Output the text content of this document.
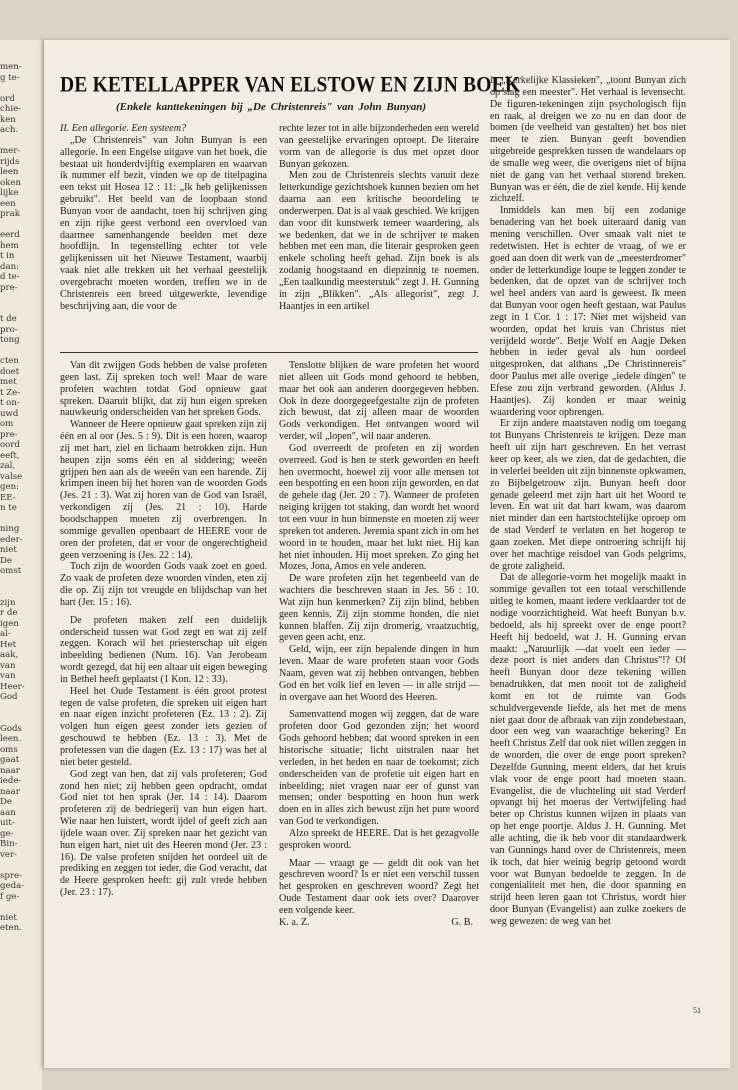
men-
g te-

ord
chie-
ken
ach.

mer-
rijds
leen
oken
lijke
een
prak

eerd
hem
t in
dan:
d te-
pre-

t de
pro-
tong

cten
doet
met
t Ze-
t on-
uwd
om
pre-
oord
eeft,
zal,
valse
gen:
EE-
n te

ning
eder-
niet
De
omst

zijn
r de
igen
al-
Het
aak,
van
van
Heer-
God

Gods
leen.
oms
gaat
naar
iede-
naar
De
aan
uit-
ge-
Bin-
ver-

spre-
geda-
f ge-

niet
eten.
DE KETELLAPPER VAN ELSTOW EN ZIJN BOEK
(Enkele kanttekeningen bij „De Christenreis" van John Bunyan)
II. Een allegorie. Een systeem?

„De Christenreis" van John Bunyan is een allegorie. In een Engelse uitgave van het boek, die bestaat uit honderdvijftig exemplaren en waarvan ik nummer elf bezit, vinden we op de titelpagina een tekst uit Hosea 12 : 11: „Ik heb gelijkenissen gebruikt". Het beeld van de loopbaan stond Bunyan voor de aandacht, toen hij schrijven ging en zijn rijke geest verbond een overvloed van daarmee samenhangende beelden met deze hoofdlijn. In tegenstelling echter tot vele gelijkenissen uit het Nieuwe Testament, waarbij vaak niet alle trekken uit het verhaal geestelijk overgebracht moeten worden, treffen we in de Christenreis een breed uitgewerkte, levendige beschrijving aan, die voor de

rechte lezer tot in alle bijzonderheden een wereld van geestelijke ervaringen oproept. De literaire vorm van de allegorie is dus met opzet door Bunyan gekozen.

Men zou de Christenreis slechts vanuit deze letterkundige gezichtshoek kunnen bezien om het daarna aan een kritische beoordeling te onderwerpen. Dat is al vaak geschied. We krijgen dan voor dit kunstwerk temeer waardering, als we bedenken, dat we in de schrijver te maken hebben met een man, die literair gesproken geen enkele scholing heeft gehad. Zijn boek is als zodanig hoogstaand en diepzinnig te noemen. „Een taalkundig meesterstuk" zegt J. H. Gunning in zijn „Blikken". „Als allegorist", zegt J. Haantjes in een artikel

Van dit zwijgen Gods hebben de valse profeten geen last. Zij spreken toch wel! Maar de ware profeten wachten totdat God opnieuw gaat spreken. Daaruit blijkt, dat zij hun eigen spreken nauwkeurig onderscheiden van het spreken Gods.

Wanneer de Heere opnieuw gaat spreken zijn zij één en al oor (Jes. 5 : 9). Dit is een horen, waarop zij met hart, ziel en lichaam betrokken zijn. Hun heupen zijn soms één en al siddering; weeën grijpen hen aan als de weeën van een barende. Zij krimpen ineen bij het horen van de woorden Gods (Jes. 21 : 3). Wat zij horen van de God van Israël, verkondigen zij (Jes. 21 : 10). Harde boodschappen moeten zij overbrengen. In sommige gevallen openbaart de HEERE voor de oren der profeten, dat er voor de ongerechtigheid geen verzoening is (Jes. 22 : 14).

Toch zijn de woorden Gods vaak zoet en goed. Zo vaak de profeten deze woorden vinden, eten zij die op. Zij zijn tot vreugde en blijdschap van het hart (Jer. 15 : 16).

De profeten maken zelf een duidelijk onderscheid tussen wat God zegt en wat zij zelf zeggen. Korach wil het priesterschap uit eigen inbeelding bedienen (Num. 16). Van Jerobeam wordt gezegd, dat hij een altaar uit eigen beweging in Bethel heeft geplaatst (1 Kon. 12 : 33).

Heel het Oude Testament is één groot protest tegen de valse profeten, die spreken uit eigen hart en naar eigen inzicht profeteren (Ez. 13 : 2). Zij volgen hun eigen geest zonder iets gezien of geschouwd te hebben (Ez. 13 : 3). Met de profetessen van die dagen (Ez. 13 : 17) was het al niet beter gesteld.

God zegt van hen, dat zij vals profeteren; God zond hen niet; zij hebben geen opdracht, omdat God niet tot hen sprak (Jer. 14 : 14). Daarom profeteren zij de bedriegerij van hun eigen hart. Wie naar hen luistert, wordt ijdel of geeft zich aan ijdele waan over. Zij spreken naar het gezicht van hun eigen hart, niet uit des Heeren mond (Jer. 23 : 16). De valse profeten snijden het oordeel uit de prediking en zeggen tot ieder, die God veracht, dat de Heere gesproken heeft: gij zult vrede hebben (Jer. 23 : 17).

Tenslotte blijken de ware profeten het woord niet alleen uit Gods mond gehoord te hebben, maar het ook aan anderen doorgegeven hebben. Ook in deze doorgegeefgestalte zijn de profeten zich bewust, dat zij alleen maar de woorden Gods verkondigen. Het ontvangen woord wil verder, wil „lopen", wil naar anderen.

God overreedt de profeten en zij worden overreed. God is hen te sterk geworden en heeft hen overmocht, hoewel zij voor alle mensen tot een bespotting en een hoon zijn geworden, en dat de gehele dag (Jer. 20 : 7). Wanneer de profeten neiging krijgen tot staking, dan wordt het woord tot een vuur in hun binnenste en moeten zij weer spreken tot anderen. Jeremia spant zich in om het woord in te houden, maar het lukt niet. Hij kan het niet inhouden. Hij moet spreken. Zo ging het Mozes, Jona, Amos en vele anderen.

De ware profeten zijn het tegenbeeld van de wachters die beschreven staan in Jes. 56 : 10. Wat zijn hun kenmerken? Zij zijn blind, hebben geen kennis. Zij zijn stomme honden, die niet kunnen blaffen. Zij zijn dromerig, vraatzuchtig, geven geen acht, enz.

Geld, wijn, eer zijn bepalende dingen in hun leven. Maar de ware profeten staan voor Gods Naam, geven wat zij hebben ontvangen, hebben God en het volk lief en leven — in alle strijd — in overgave aan het Woord des Heeren.

Samenvattend mogen wij zeggen, dat de ware profeten door God gezonden zijn; het woord Gods gehoord hebben; dat woord spreken in een historische situatie; licht uitstralen naar het verleden, in het heden en naar de toekomst; zich onderscheiden van de profetie uit eigen hart en inbeelding; niet vragen naar eer of gunst van mensen; onder bespotting en hoon hun werk doen en in alles zich bewust zijn het pure woord van God te verkondigen.

Alzo spreekt de HEERE. Dat is het gezagvolle gesproken woord.

Maar — vraagt ge — geldt dit ook van het geschreven woord? Is er niet een verschil tussen het gesproken en geschreven woord? Zegt het Oude Testament daar ook iets over? Daarover een volgende keer.

K. a. Z.	G. B.

in „Kerkelijke Klassieken", „toont Bunyan zich op slag een meester". Het verhaal is levensecht. De figuren-tekeningen zijn psychologisch fijn en raak, al dreigen we zo nu en dan door de bomen (de veelheid van gestalten) het bos niet meer te zien. Bunyan geeft bovendien uitgebreide gesprekken tussen de wandelaars op de smalle weg weer, die overigens niet of bijna niet de gang van het verhaal storend breken. Bunyan was er één, die de ziel kende. Hij kende zichzelf.

Inmiddels kan men bij een zodanige benadering van het boek uiteraard danig van mening verschillen. Over smaak valt niet te redetwisten. Het is echter de vraag, of we er goed aan doen dit werk van de „meesterdromer" onder de letterkundige loupe te leggen zonder te bedenken, dat de opzet van de schrijver toch wel heel anders van aard is geweest. Ik meen dat Bunyan voor ogen heeft gestaan, wat Paulus zegt in 1 Cor. 1 : 17: Niet met wijsheid van woorden, opdat het kruis van Christus niet verijdeld worde". Betje Wolf en Aagje Deken hebben in ieder geval als hun oordeel uitgesproken, dat althans „De Christinnereis" door Paulus met alle overige „iedele dingen" te Efese zou zijn verbrand geworden. (Aldus J. Haantjes). Zij konden er maar weinig waardering voor opbrengen.

Er zijn andere maatstaven nodig om toegang tot Bunyans Christenreis te krijgen. Deze man heeft uit zijn hart geschreven. En het verrast keer op keer, als we zien, dat de gedachten, die in velerlei beelden uit zijn binnenste opkwamen, zo Bijbelgetrouw zijn. Bunyan heeft door genade geleerd met zijn hart uit het Woord te leven. En wat uit dat hart kwam, was daarom niet minder dan een hartstochtelijke oproep om de stad Verderf te verlaten en het hogerop te gaan zoeken. Met diepe ontroering schrijft hij over het machtige reisdoel van Gods pelgrims, de grote zaligheid.

Dat de allegorie-vorm het mogelijk maakt in sommige gevallen tot een totaal verschillende uitleg te komen, maant iedere verklaarder tot de nodige voorzichtigheid. Wat heeft Bunyan b.v. bedoeld, als hij spreekt over de enge poort? Heeft hij bedoeld, wat J. H. Gunning ervan maakt: „Natuurlijk —dat voelt een ieder — deze poort is niet anders dan Christus"!? Of heeft Bunyan door deze tekening willen benadrukken, dat men nooit tot de zaligheid komt en tot de ruimte van Gods schuldvergevende liefde, als het met de mens niet gaat door de afbraak van zijn zondebestaan, door een weg van waarachtige bekering? En heeft Christus Zelf dat ook niet willen zeggen in de woorden, die over de enge poort spreken? Dezelfde Gunning, meent elders, dat het kruis vlak voor de enge poort had moeten staan. Evangelist, die de vluchteling uit stad Verderf opvangt bij het moeras der Vertwijfeling had beter op Christus kunnen wijzen in plaats van op het enge poortje. Aldus J. H. Gunning. Met alle achting, die ik heb voor dit standaardwerk van Gunnings hand over de Christenreis, meen ik toch, dat hier weinig begrip getoond wordt voor wat Bunyan bedoelde te zeggen. In de congenialiteit met hen, die door spanning en strijd heen leren gaan tot Christus, wordt hier door Bunyan (Evangelist) aan zulke zoekers de weg gewezen: de weg van het

51
